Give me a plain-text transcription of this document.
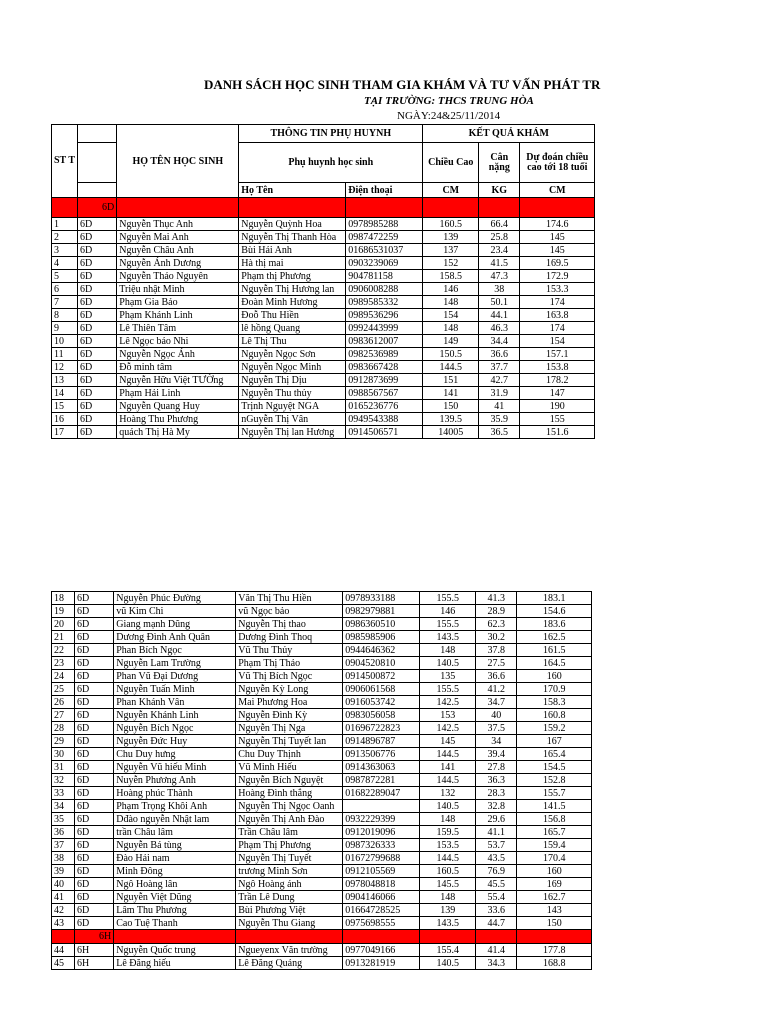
DANH SÁCH HỌC SINH THAM GIA KHÁM VÀ TƯ VẤN PHÁT TR
TẠI TRƯỜNG: THCS TRUNG HÒA
NGÀY:24&25/11/2014
ST T		HỌ TÊN HỌC SINH	THÔNG TIN PHỤ HUYNH		KẾT QUẢ KHÁM		
			Phụ huynh học sinh		Chiều Cao	Cân nặng	Dự đoán chiều cao tới 18 tuổi
			Họ Tên	Điện thoại	CM	KG	CM
	6D						
1	6D	Nguyễn Thục Anh	Nguyễn Quỳnh Hoa	0978985288	160.5	66.4	174.6
2	6D	Nguyễn Mai Anh	Nguyễn Thị Thanh Hòa	0987472259	139	25.8	145
3	6D	Nguyễn Châu Anh	Bùi Hải Anh	01686531037	137	23.4	145
4	6D	Nguyễn Ánh Dương	Hà thị mai	0903239069	152	41.5	169.5
5	6D	Nguyễn Thảo Nguyên	Phạm thị Phương	904781158	158.5	47.3	172.9
6	6D	Triệu nhật Minh	Nguyễn Thị Hương lan	0906008288	146	38	153.3
7	6D	Phạm Gia Bảo	Đoàn Minh Hương	0989585332	148	50.1	174
8	6D	Phạm Khánh Linh	Đoỗ Thu Hiền	0989536296	154	44.1	163.8
9	6D	Lê Thiên Tâm	lê hồng Quang	0992443999	148	46.3	174
10	6D	Lê Ngọc bảo Nhi	Lê Thị Thu	0983612007	149	34.4	154
11	6D	Nguyễn Ngọc Ánh	Nguyễn Ngọc Sơn	0982536989	150.5	36.6	157.1
12	6D	Đỗ minh tâm	Nguyễn Ngọc Minh	0983667428	144.5	37.7	153.8
13	6D	Nguyễn Hữu Việt TƯỜng	Nguyễn Thị Dịu	0912873699	151	42.7	178.2
14	6D	Phạm Hải Linh	Nguyễn Thu thủy	0988567567	141	31.9	147
15	6D	Nguyễn Quang Huy	Trịnh Nguyệt NGA	0165236776	150	41	190
16	6D	Hoàng Thu Phương	nGuyễn Thị Vân	0949543388	139.5	35.9	155
17	6D	quách Thị Hà My	Nguyễn Thị lan Hương	0914506571	14005	36.5	151.6
18	6D	Nguyễn Phúc Đường	Văn Thị Thu Hiền	0978933188	155.5	41.3	183.1
19	6D	vũ Kim Chi	vũ Ngọc bảo	0982979881	146	28.9	154.6
20	6D	Giang mạnh Dũng	Nguyễn Thị thao	0986360510	155.5	62.3	183.6
21	6D	Dương Đình Anh Quân	Dương Đình Thoq	0985985906	143.5	30.2	162.5
22	6D	Phan Bích Ngọc	Vũ Thu Thủy	0944646362	148	37.8	161.5
23	6D	Nguyễn Lam Trường	Phạm Thị Thảo	0904520810	140.5	27.5	164.5
24	6D	Phan Vũ Đại Dương	Vũ Thị Bích Ngọc	0914500872	135	36.6	160
25	6D	Nguyễn Tuấn Minh	Nguyễn Kỳ Long	0906061568	155.5	41.2	170.9
26	6D	Phan Khánh Vân	Mai Phương Hoa	0916053742	142.5	34.7	158.3
27	6D	Nguyễn Khánh Linh	Nguyễn Đình Kỳ	0983056058	153	40	160.8
28	6D	Nguyễn Bích Ngọc	Nguyễn Thị Nga	01696722823	142.5	37.5	159.2
29	6D	Nguyễn Đức Huy	Nguyễn Thị Tuyết lan	0914896787	145	34	167
30	6D	Chu Duy hưng	Chu Duy Thịnh	0913506776	144.5	39.4	165.4
31	6D	Nguyễn Vũ hiếu Minh	Vũ Minh Hiếu	0914363063	141	27.8	154.5
32	6D	Nuyễn Phương Anh	Nguyễn Bích Nguyệt	0987872281	144.5	36.3	152.8
33	6D	Hoàng phúc Thành	Hoàng Đình thắng	01682289047	132	28.3	155.7
34	6D	Phạm Trọng Khôi Anh	Nguyễn Thị Ngọc Oanh		140.5	32.8	141.5
35	6D	Dđào nguyễn Nhật lam	Nguyễn Thị Anh Đào	0932229399	148	29.6	156.8
36	6D	trần Châu lâm	Trần Châu lâm	0912019096	159.5	41.1	165.7
37	6D	Nguyễn Bá tùng	Phạm Thị Phương	0987326333	153.5	53.7	159.4
38	6D	Đào Hải nam	Nguyễn Thị Tuyết	01672799688	144.5	43.5	170.4
39	6D	Minh Đông	trương Minh Sơn	0912105569	160.5	76.9	160
40	6D	Ngô Hoàng lân	Ngô Hoàng ánh	0978048818	145.5	45.5	169
41	6D	Nguyễn Việt Dũng	Trần Lê Dung	0904146066	148	55.4	162.7
42	6D	Lâm Thu Phương	Bùi Phương Việt	01664728525	139	33.6	143
43	6D	Cao Tuệ Thanh	Nguyễn Thu Giang	0975698555	143.5	44.7	150
	6H						
44	6H	Nguyễn Quốc trung	Ngueyenx Văn trường	0977049166	155.4	41.4	177.8
45	6H	Lê Đăng hiếu	Lê Đăng Quảng	0913281919	140.5	34.3	168.8
